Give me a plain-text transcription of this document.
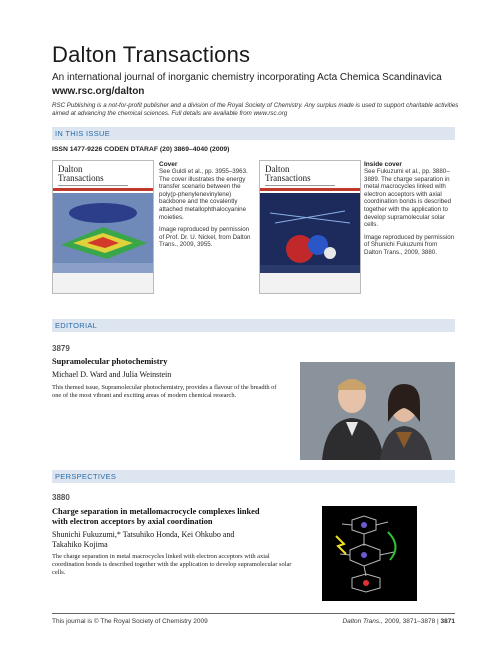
Dalton Transactions
An international journal of inorganic chemistry incorporating Acta Chemica Scandinavica
www.rsc.org/dalton
RSC Publishing is a not-for-profit publisher and a division of the Royal Society of Chemistry. Any surplus made is used to support charitable activities aimed at advancing the chemical sciences. Full details are available from www.rsc.org
IN THIS ISSUE
ISSN 1477-9226 CODEN DTARAF (20) 3869–4040 (2009)
Dalton
Transactions
Cover
See Guldi et al., pp. 3955–3963. The cover illustrates the energy transfer scenario between the poly(p-phenylenevinylene) backbone and the covalently attached metallophthalocyanine moieties.
Image reproduced by permission of Prof. Dr. U. Nickel, from Dalton Trans., 2009, 3955.
Dalton
Transactions
Inside cover
See Fukuzumi et al., pp. 3880–3889. The charge separation in metal macrocycles linked with electron acceptors with axial coordination bonds is described together with the application to develop supramolecular solar cells.
Image reproduced by permission of Shunichi Fukuzumi from Dalton Trans., 2009, 3880.
EDITORIAL
3879
Supramolecular photochemistry
Michael D. Ward and Julia Weinstein
This themed issue, Supramolecular photochemistry, provides a flavour of the breadth of one of the most vibrant and exciting areas of modern chemical research.
PERSPECTIVES
3880
Charge separation in metallomacrocycle complexes linked
with electron acceptors by axial coordination
Shunichi Fukuzumi,* Tatsuhiko Honda, Kei Ohkubo and
Takahiko Kojima
The charge separation in metal macrocycles linked with electron acceptors with axial coordination bonds is described together with the application to develop supramolecular solar cells.
This journal is © The Royal Society of Chemistry 2009	Dalton Trans., 2009, 3871–3878 | 3871
